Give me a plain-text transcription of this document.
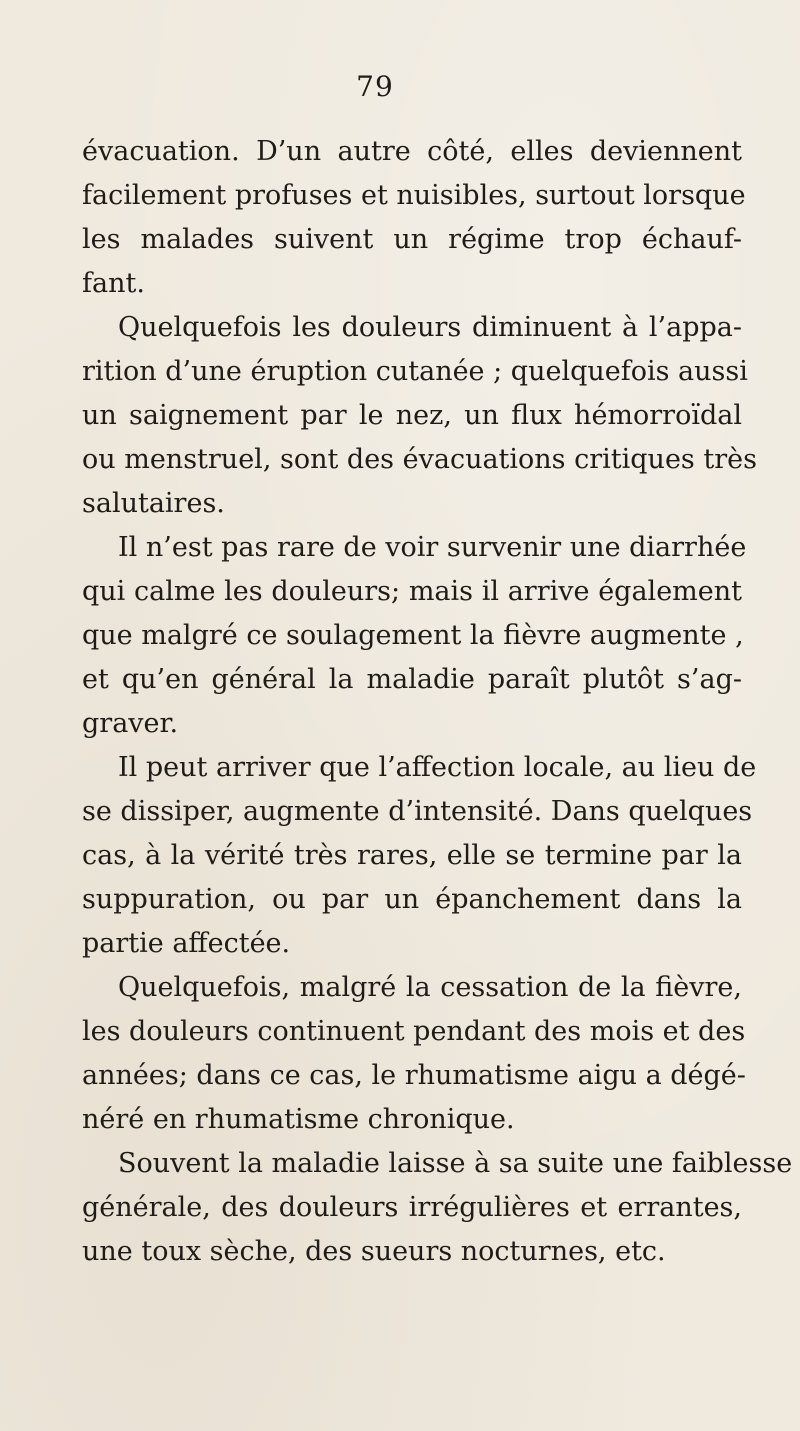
79
évacuation. D’un autre côté, elles deviennent
facilement profuses et nuisibles, surtout lorsque
les malades suivent un régime trop échauf-
fant.
Quelquefois les douleurs diminuent à l’appa-
rition d’une éruption cutanée ; quelquefois aussi
un saignement par le nez, un flux hémorroïdal
ou menstruel, sont des évacuations critiques très
salutaires.
Il n’est pas rare de voir survenir une diarrhée
qui calme les douleurs; mais il arrive également
que malgré ce soulagement la fièvre augmente ,
et qu’en général la maladie paraît plutôt s’ag-
graver.
Il peut arriver que l’affection locale, au lieu de
se dissiper, augmente d’intensité. Dans quelques
cas, à la vérité très rares, elle se termine par la
suppuration, ou par un épanchement dans la
partie affectée.
Quelquefois, malgré la cessation de la fièvre,
les douleurs continuent pendant des mois et des
années; dans ce cas, le rhumatisme aigu a dégé-
néré en rhumatisme chronique.
Souvent la maladie laisse à sa suite une faiblesse
générale, des douleurs irrégulières et errantes,
une toux sèche, des sueurs nocturnes, etc.
